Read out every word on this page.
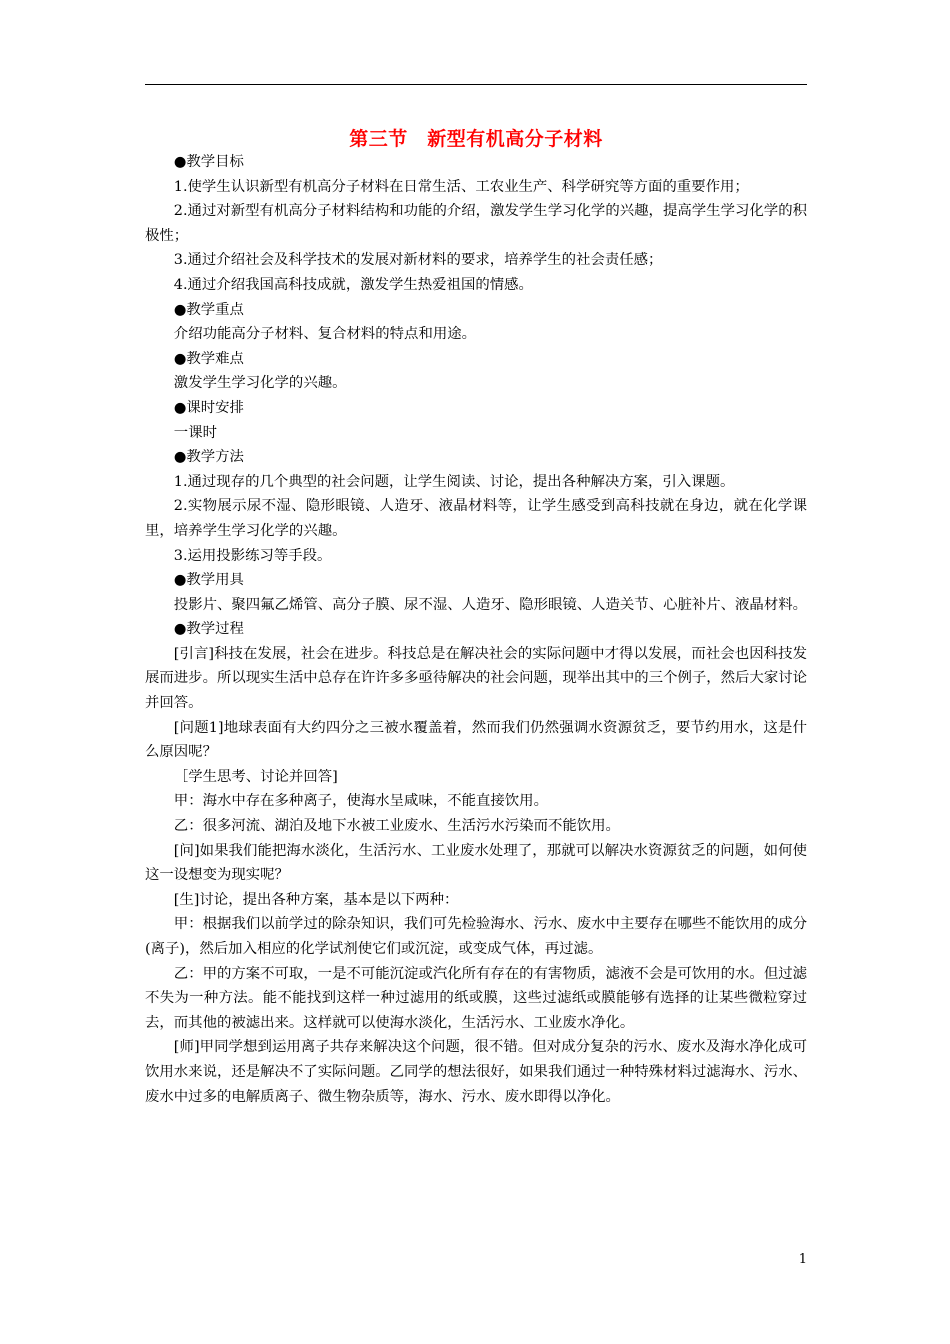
第三节　新型有机高分子材料

●教学目标

1.使学生认识新型有机高分子材料在日常生活、工农业生产、科学研究等方面的重要作用；

2.通过对新型有机高分子材料结构和功能的介绍，激发学生学习化学的兴趣，提高学生学习化学的积极性；

3.通过介绍社会及科学技术的发展对新材料的要求，培养学生的社会责任感；

4.通过介绍我国高科技成就，激发学生热爱祖国的情感。

●教学重点

介绍功能高分子材料、复合材料的特点和用途。

●教学难点

激发学生学习化学的兴趣。

●课时安排

一课时

●教学方法

1.通过现存的几个典型的社会问题，让学生阅读、讨论，提出各种解决方案，引入课题。

2.实物展示尿不湿、隐形眼镜、人造牙、液晶材料等，让学生感受到高科技就在身边，就在化学课里，培养学生学习化学的兴趣。

3.运用投影练习等手段。

●教学用具

投影片、聚四氟乙烯管、高分子膜、尿不湿、人造牙、隐形眼镜、人造关节、心脏补片、液晶材料。

●教学过程

[引言]科技在发展，社会在进步。科技总是在解决社会的实际问题中才得以发展，而社会也因科技发展而进步。所以现实生活中总存在许许多多亟待解决的社会问题，现举出其中的三个例子，然后大家讨论并回答。

[问题1]地球表面有大约四分之三被水覆盖着，然而我们仍然强调水资源贫乏，要节约用水，这是什么原因呢？

［学生思考、讨论并回答]

甲：海水中存在多种离子，使海水呈咸味，不能直接饮用。

乙：很多河流、湖泊及地下水被工业废水、生活污水污染而不能饮用。

[问]如果我们能把海水淡化，生活污水、工业废水处理了，那就可以解决水资源贫乏的问题，如何使这一设想变为现实呢？

[生]讨论，提出各种方案，基本是以下两种：

甲：根据我们以前学过的除杂知识，我们可先检验海水、污水、废水中主要存在哪些不能饮用的成分(离子)，然后加入相应的化学试剂使它们或沉淀，或变成气体，再过滤。

乙：甲的方案不可取，一是不可能沉淀或汽化所有存在的有害物质，滤液不会是可饮用的水。但过滤不失为一种方法。能不能找到这样一种过滤用的纸或膜，这些过滤纸或膜能够有选择的让某些微粒穿过去，而其他的被滤出来。这样就可以使海水淡化，生活污水、工业废水净化。

[师]甲同学想到运用离子共存来解决这个问题，很不错。但对成分复杂的污水、废水及海水净化成可饮用水来说，还是解决不了实际问题。乙同学的想法很好，如果我们通过一种特殊材料过滤海水、污水、废水中过多的电解质离子、微生物杂质等，海水、污水、废水即得以净化。

1
